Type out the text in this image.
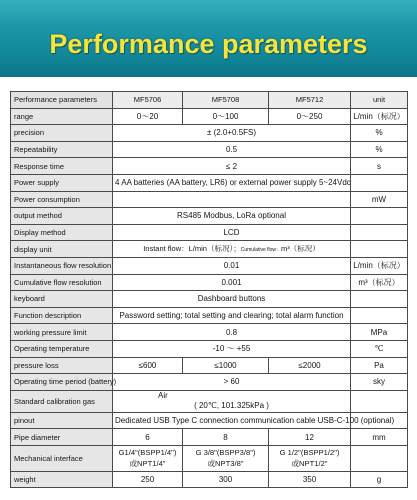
Performance parameters
Performance parameters	MF5706	MF5708	MF5712	unit
range	0～20	0～100	0～250	L/min（标况）
precision	± (2.0+0.5FS)			%
Repeatability	0.5			%
Response time	≤ 2			s
Power supply	4 AA batteries (AA battery, LR6) or external power supply 5~24Vdc			
Power consumption				mW
output method	RS485 Modbus, LoRa optional			
Display method	LCD			
display unit	Instant flow：L/min（标况）；Cumulative flow：m³（标况）			
Instantaneous flow resolution	0.01			L/min（标况）
Cumulative flow resolution	0.001			m³（标况）
keyboard	Dashboard buttons			
Function description	Password setting; total setting and clearing; total alarm function			
working pressure limit	0.8			MPa
Operating temperature	-10 ～ +55			℃
pressure loss	≤600	≤1000	≤2000	Pa
Operating time period (battery)	> 60			sky
Standard calibration gas	Air
( 20℃, 101.325kPa )			

pinout	Dedicated USB Type C connection communication cable USB-C-100 (optional)			
Pipe diameter	6	8	12	mm
Mechanical interface	G1/4"(BSPP1/4")
或NPT1/4"	G 3/8"(BSPP3/8")
或NPT3/8"	G 1/2"(BSPP1/2")
或NPT1/2"	

weight	250	300	350	g
